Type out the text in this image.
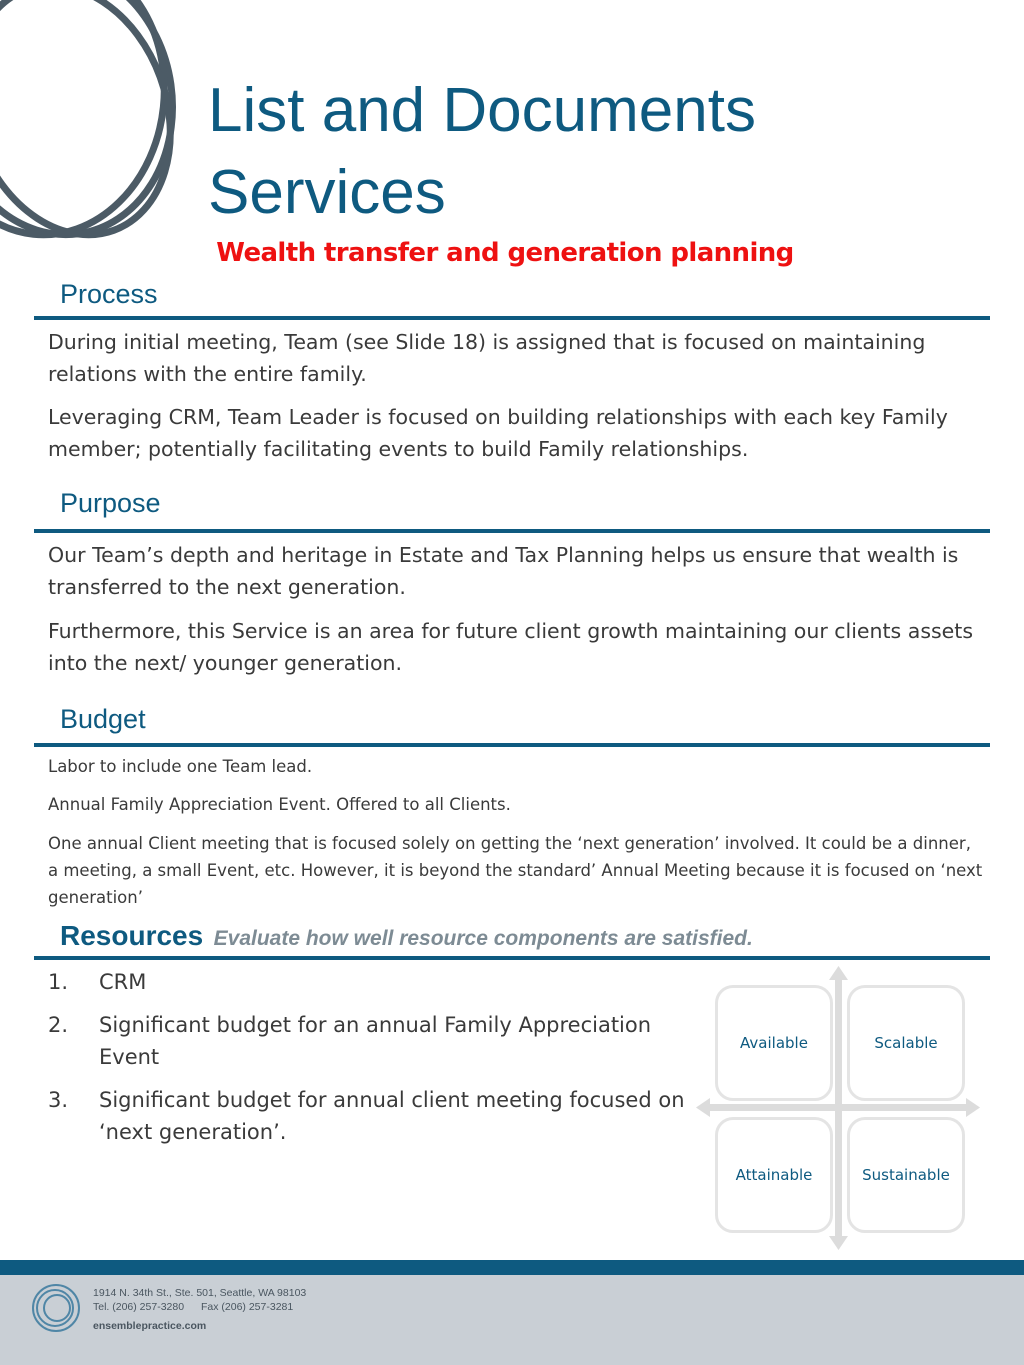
List and Documents
Services
Wealth transfer and generation planning
Process

During initial meeting, Team (see Slide 18) is assigned that is focused on maintaining relations with the entire family.

Leveraging CRM, Team Leader is focused on building relationships with each key Family member; potentially facilitating events to build Family relationships.

Purpose

Our Team’s depth and heritage in Estate and Tax Planning helps us ensure that wealth is transferred to the next generation.

Furthermore, this Service is an area for future client growth maintaining our clients assets into the next/ younger generation.

Budget

Labor to include one Team lead.

Annual Family Appreciation Event. Offered to all Clients.

One annual Client meeting that is focused solely on getting the ‘next generation’ involved. It could be a dinner, a meeting, a small Event, etc. However, it is beyond the standard’ Annual Meeting because it is focused on ‘next generation’

Resources Evaluate how well resource components are satisfied.
1. CRM
2. Significant budget for an annual Family Appreciation Event
3. Significant budget for annual client meeting focused on ‘next generation’.
Available	Scalable
Attainable	Sustainable
1914 N. 34th St., Ste. 501, Seattle, WA 98103
Tel. (206) 257-3280 Fax (206) 257-3281
ensemblepractice.com
